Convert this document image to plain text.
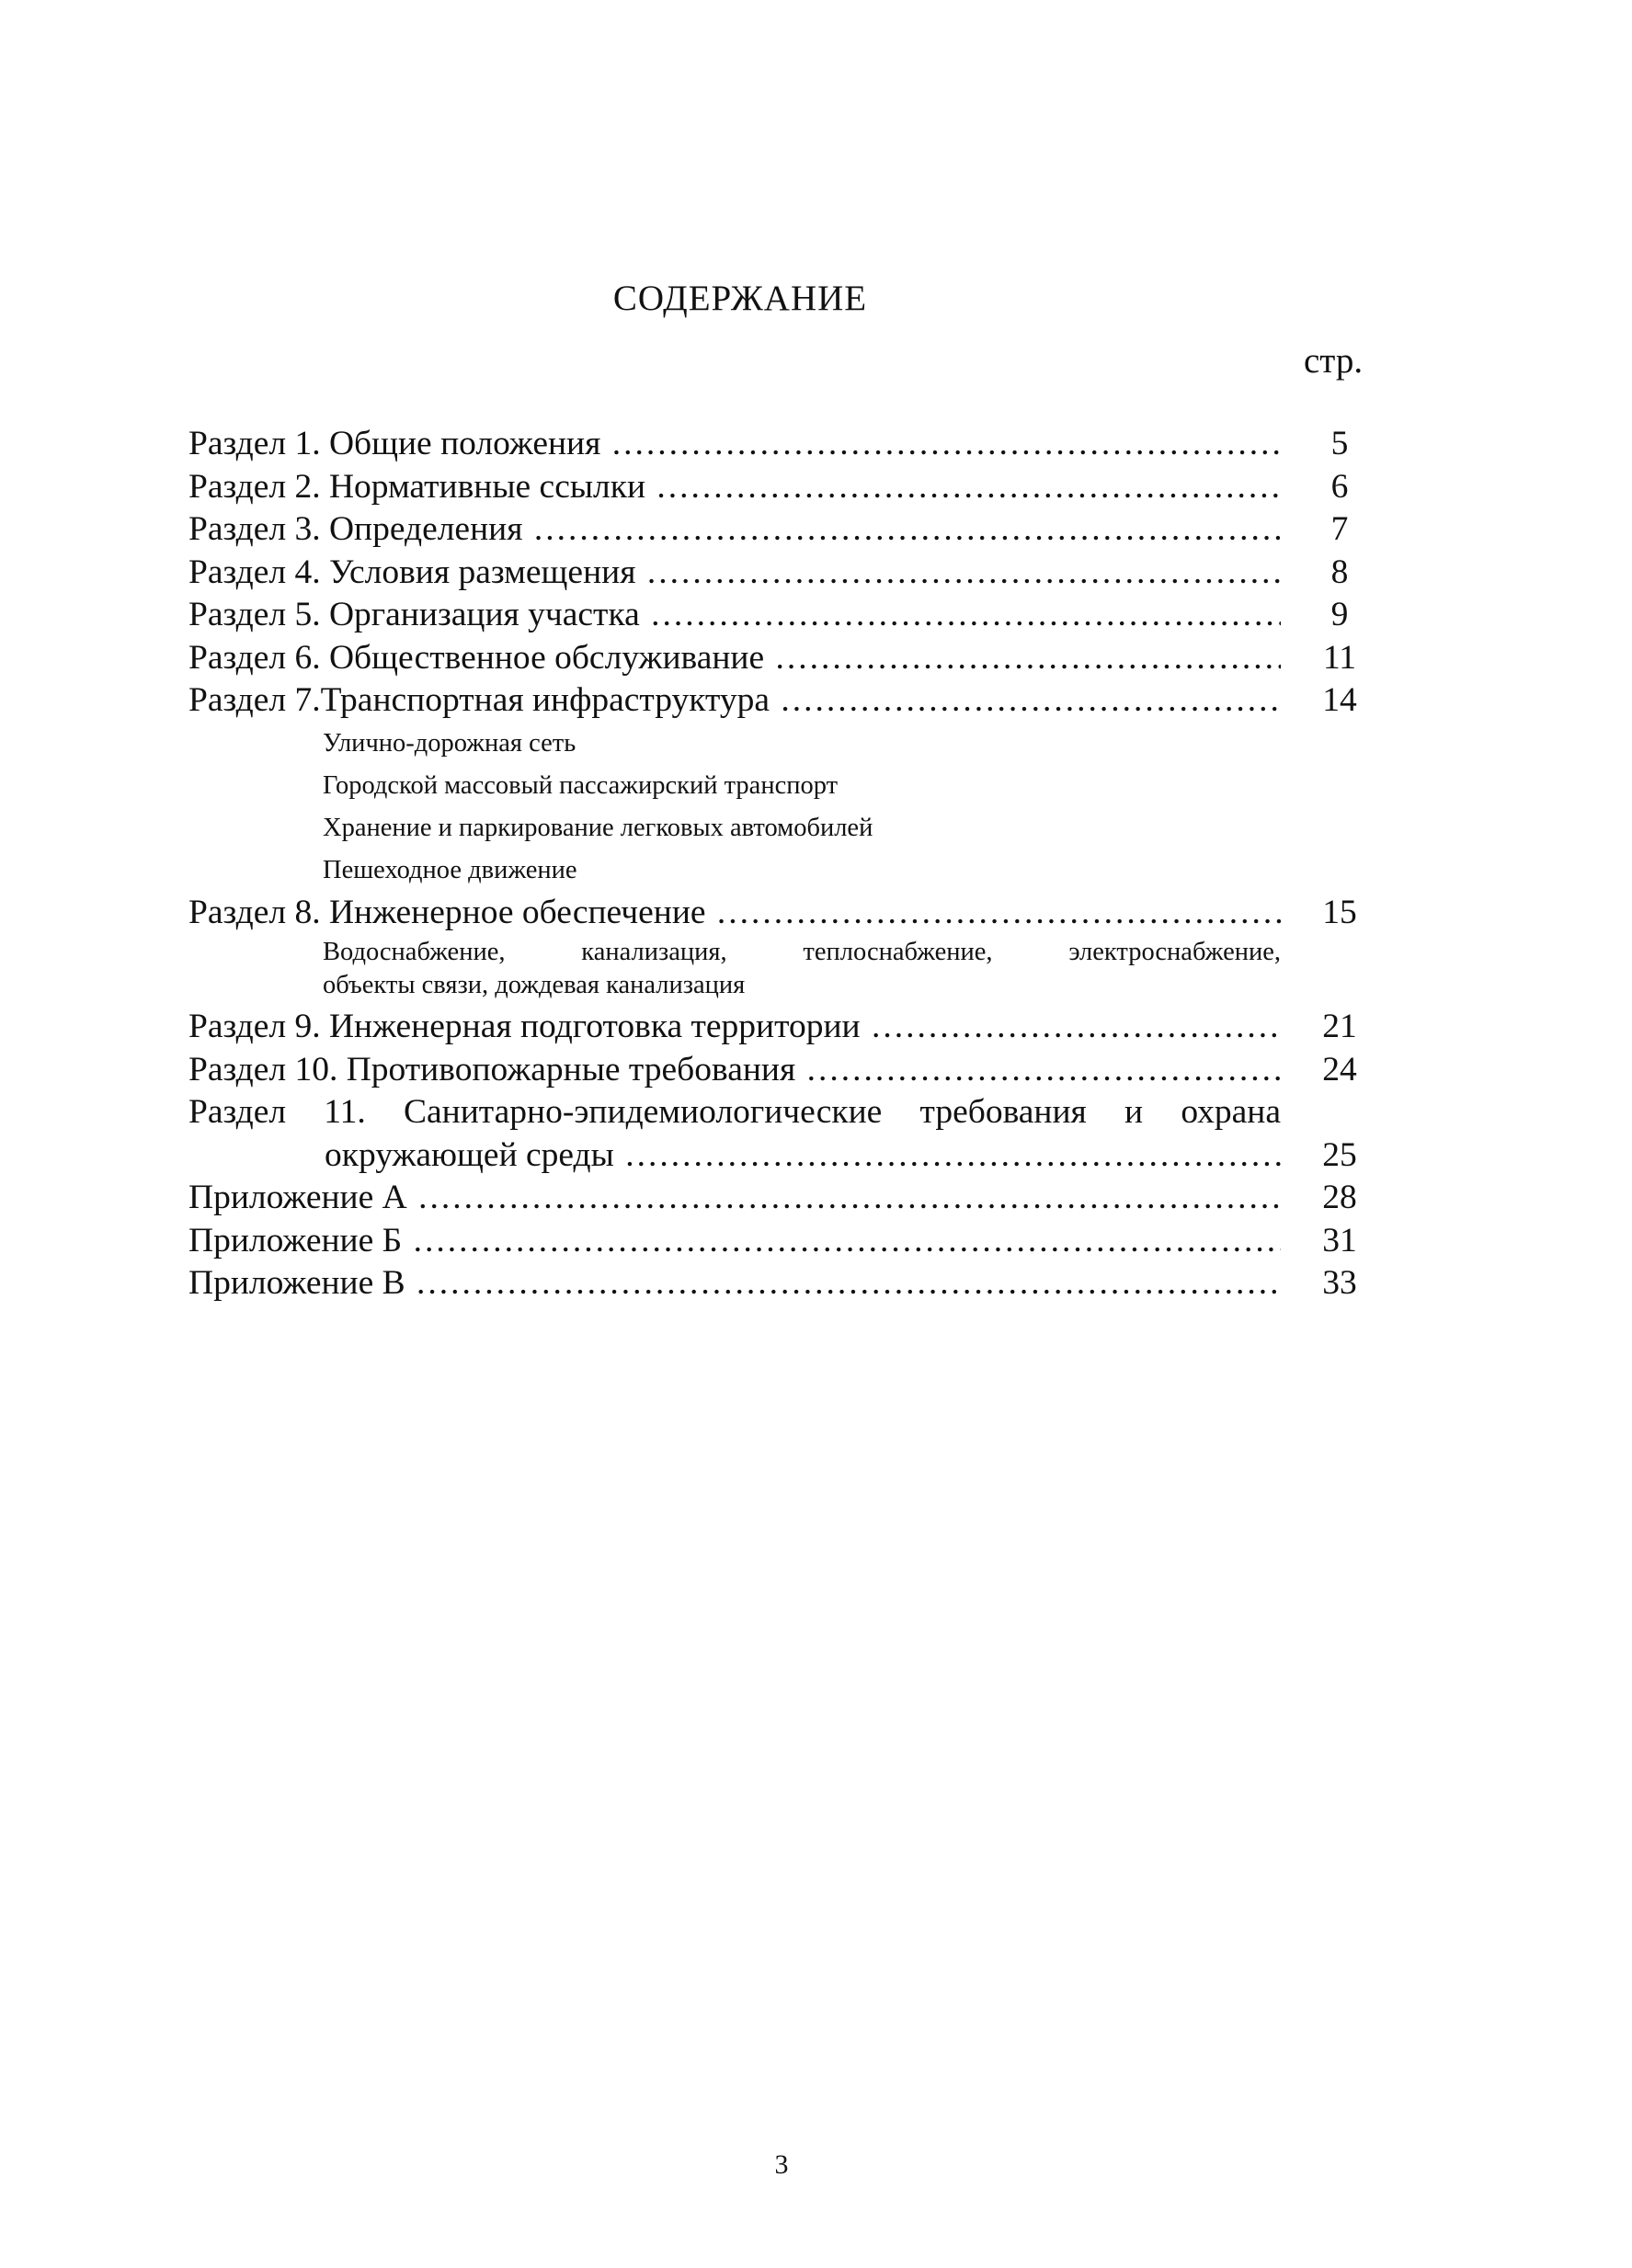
СОДЕРЖАНИЕ
стр.
Раздел 1. Общие положения .....	5
Раздел 2. Нормативные ссылки .....	6
Раздел 3. Определения .....	7
Раздел 4. Условия размещения .....	8
Раздел 5. Организация участка .....	9
Раздел 6. Общественное обслуживание .....	11
Раздел 7.Транспортная инфраструктура .....	14
Улично-дорожная сеть
Городской массовый пассажирский транспорт
Хранение и паркирование легковых автомобилей
Пешеходное движение
Раздел 8. Инженерное обеспечение .....	15
Водоснабжение, канализация, теплоснабжение, электроснабжение,
объекты связи, дождевая канализация
Раздел 9. Инженерная подготовка территории .....	21
Раздел 10. Противопожарные требования .....	24
Раздел 11. Санитарно-эпидемиологические требования и охрана
окружающей среды .....	25
Приложение А .....	28
Приложение Б .....	31
Приложение В .....	33
3
